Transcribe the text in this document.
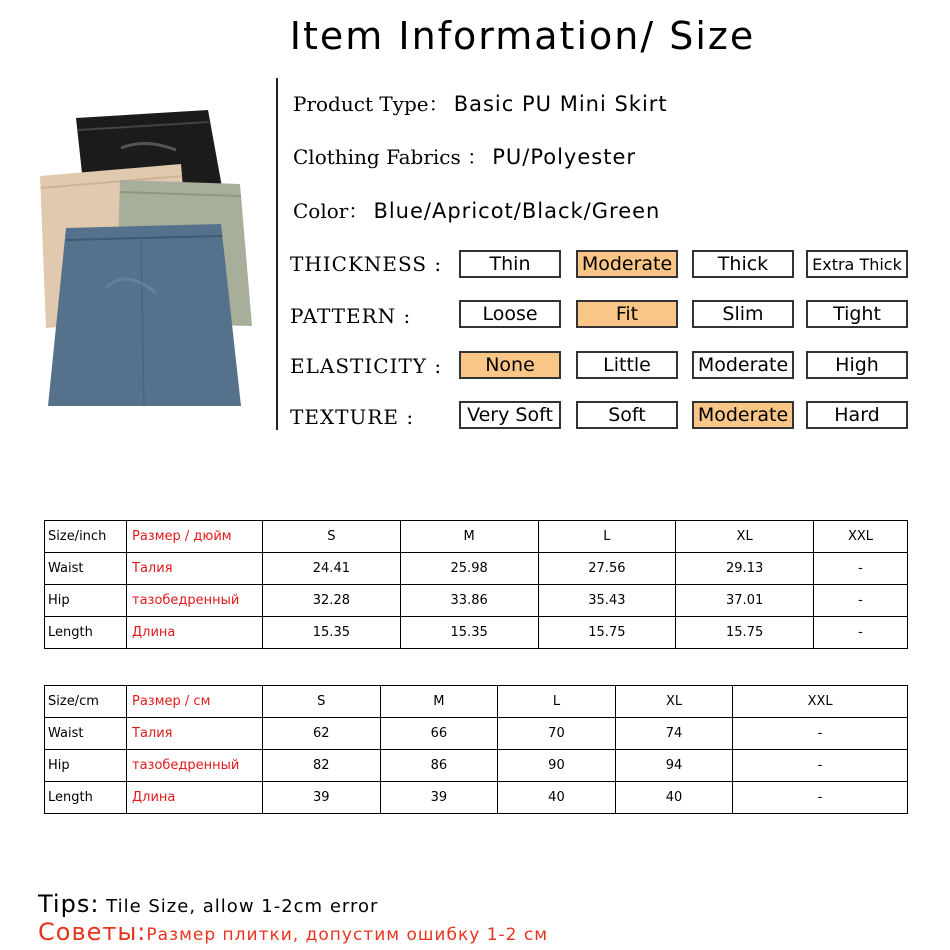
Item Information/ Size
Product Type： Basic PU Mini Skirt
Clothing Fabrics ： PU/Polyester
Color： Blue/Apricot/Black/Green
THICKNESS :	Thin	Moderate	Thick	Extra Thick
PATTERN :	Loose	Fit	Slim	Tight
ELASTICITY :	None	Little	Moderate	High
TEXTURE :	Very Soft	Soft	Moderate	Hard
Size/inch	Размер / дюйм	S	M	L	XL	XXL
Waist	Талия	24.41	25.98	27.56	29.13	-
Hip	тазобедренный	32.28	33.86	35.43	37.01	-
Length	Длина	15.35	15.35	15.75	15.75	-
Size/cm	Размер / см	S	M	L	XL	XXL
Waist	Талия	62	66	70	74	-
Hip	тазобедренный	82	86	90	94	-
Length	Длина	39	39	40	40	-
Tips: Tile Size, allow 1-2cm error
Советы:Размер плитки, допустим ошибку 1-2 см
